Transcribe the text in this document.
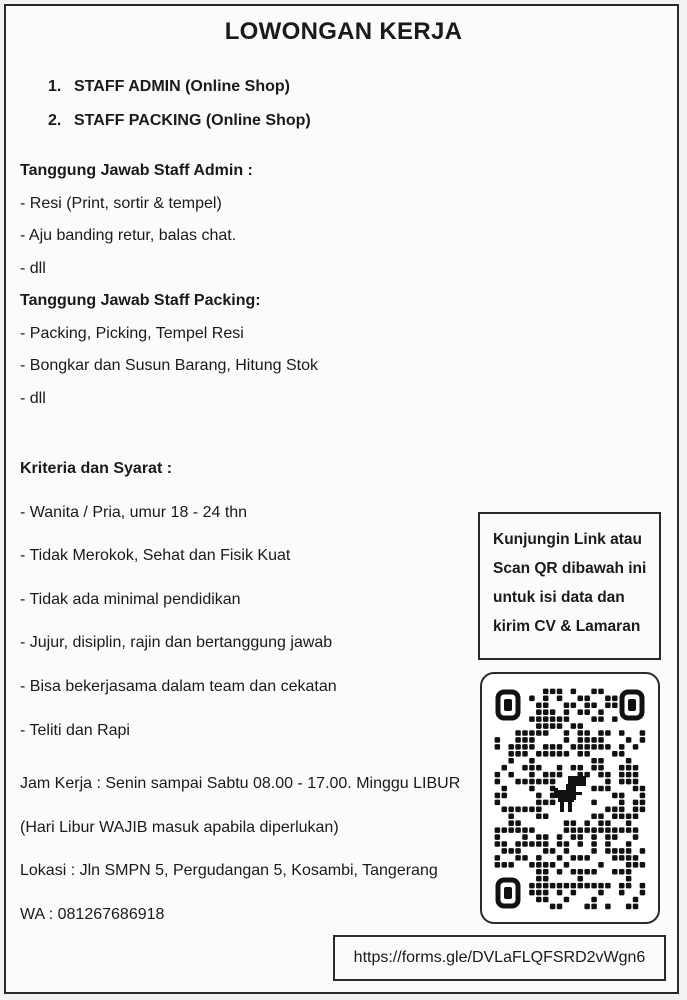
LOWONGAN KERJA
1. STAFF ADMIN (Online Shop)
2. STAFF PACKING (Online Shop)
Tanggung Jawab Staff Admin :
- Resi (Print, sortir & tempel)
- Aju banding retur, balas chat.
- dll
Tanggung Jawab Staff Packing:
- Packing, Picking, Tempel Resi
- Bongkar dan Susun Barang, Hitung Stok
- dll
Kriteria dan Syarat :
- Wanita / Pria, umur 18 - 24 thn
- Tidak Merokok, Sehat dan Fisik Kuat
- Tidak ada minimal pendidikan
- Jujur, disiplin, rajin dan bertanggung jawab
- Bisa bekerjasama dalam team dan cekatan
- Teliti dan Rapi
Jam Kerja : Senin sampai Sabtu 08.00 - 17.00. Minggu LIBUR
(Hari Libur WAJIB masuk apabila diperlukan)
Lokasi : Jln SMPN 5, Pergudangan 5, Kosambi, Tangerang
WA : 081267686918
Kunjungin Link atau
Scan QR dibawah ini
untuk isi data dan
kirim CV & Lamaran
https://forms.gle/DVLaFLQFSRD2vWgn6
